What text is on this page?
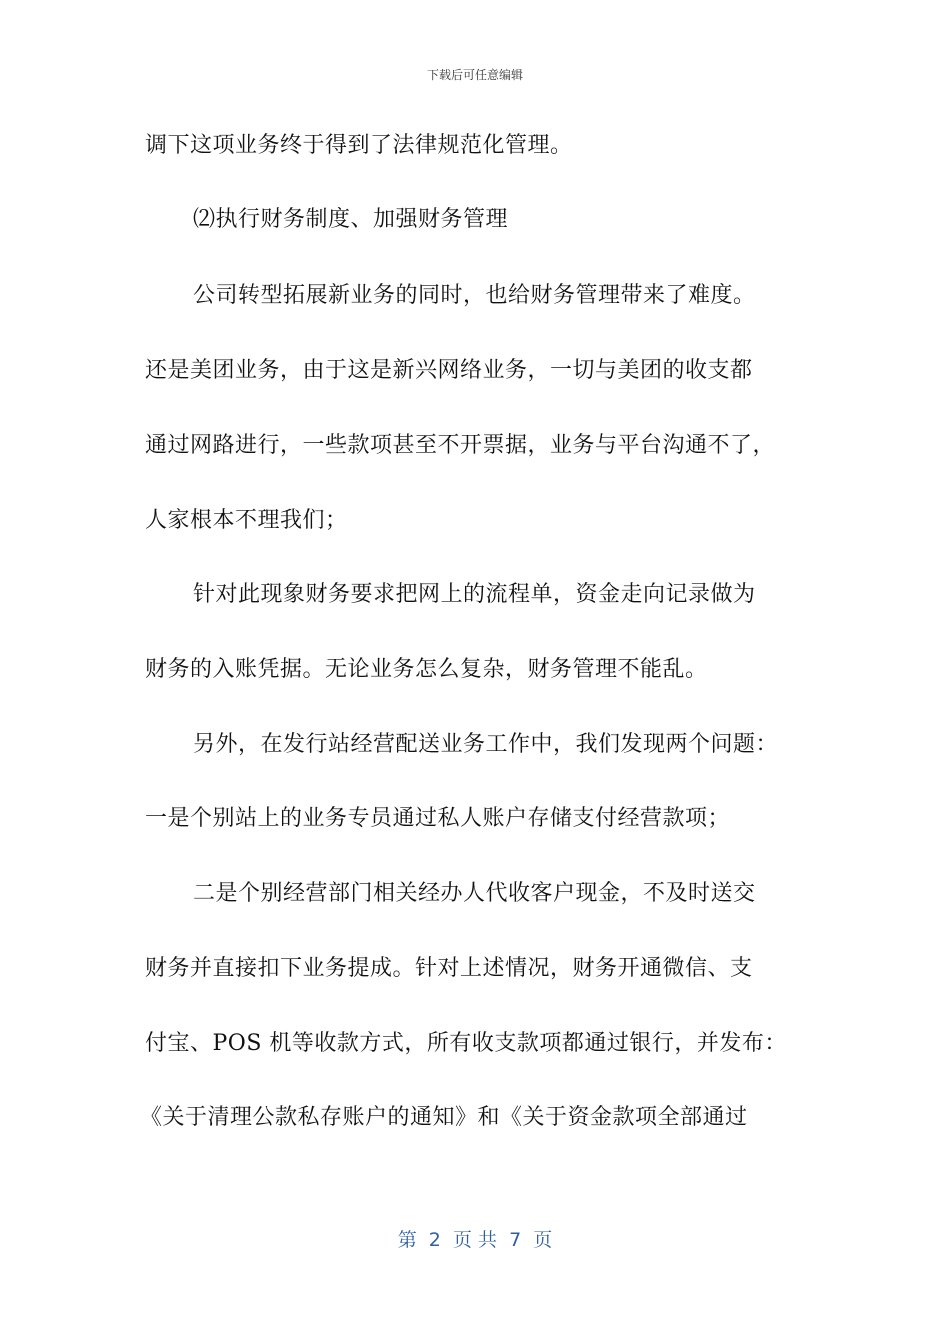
下载后可任意编辑
调下这项业务终于得到了法律规范化管理。
⑵执行财务制度、加强财务管理
公司转型拓展新业务的同时，也给财务管理带来了难度。
还是美团业务，由于这是新兴网络业务，一切与美团的收支都
通过网路进行，一些款项甚至不开票据，业务与平台沟通不了，
人家根本不理我们；
针对此现象财务要求把网上的流程单，资金走向记录做为
财务的入账凭据。无论业务怎么复杂，财务管理不能乱。
另外，在发行站经营配送业务工作中，我们发现两个问题：
一是个别站上的业务专员通过私人账户存储支付经营款项；
二是个别经营部门相关经办人代收客户现金，不及时送交
财务并直接扣下业务提成。针对上述情况，财务开通微信、支
付宝、POS 机等收款方式，所有收支款项都通过银行，并发布：
《关于清理公款私存账户的通知》和《关于资金款项全部通过
第  2  页 共  7  页
